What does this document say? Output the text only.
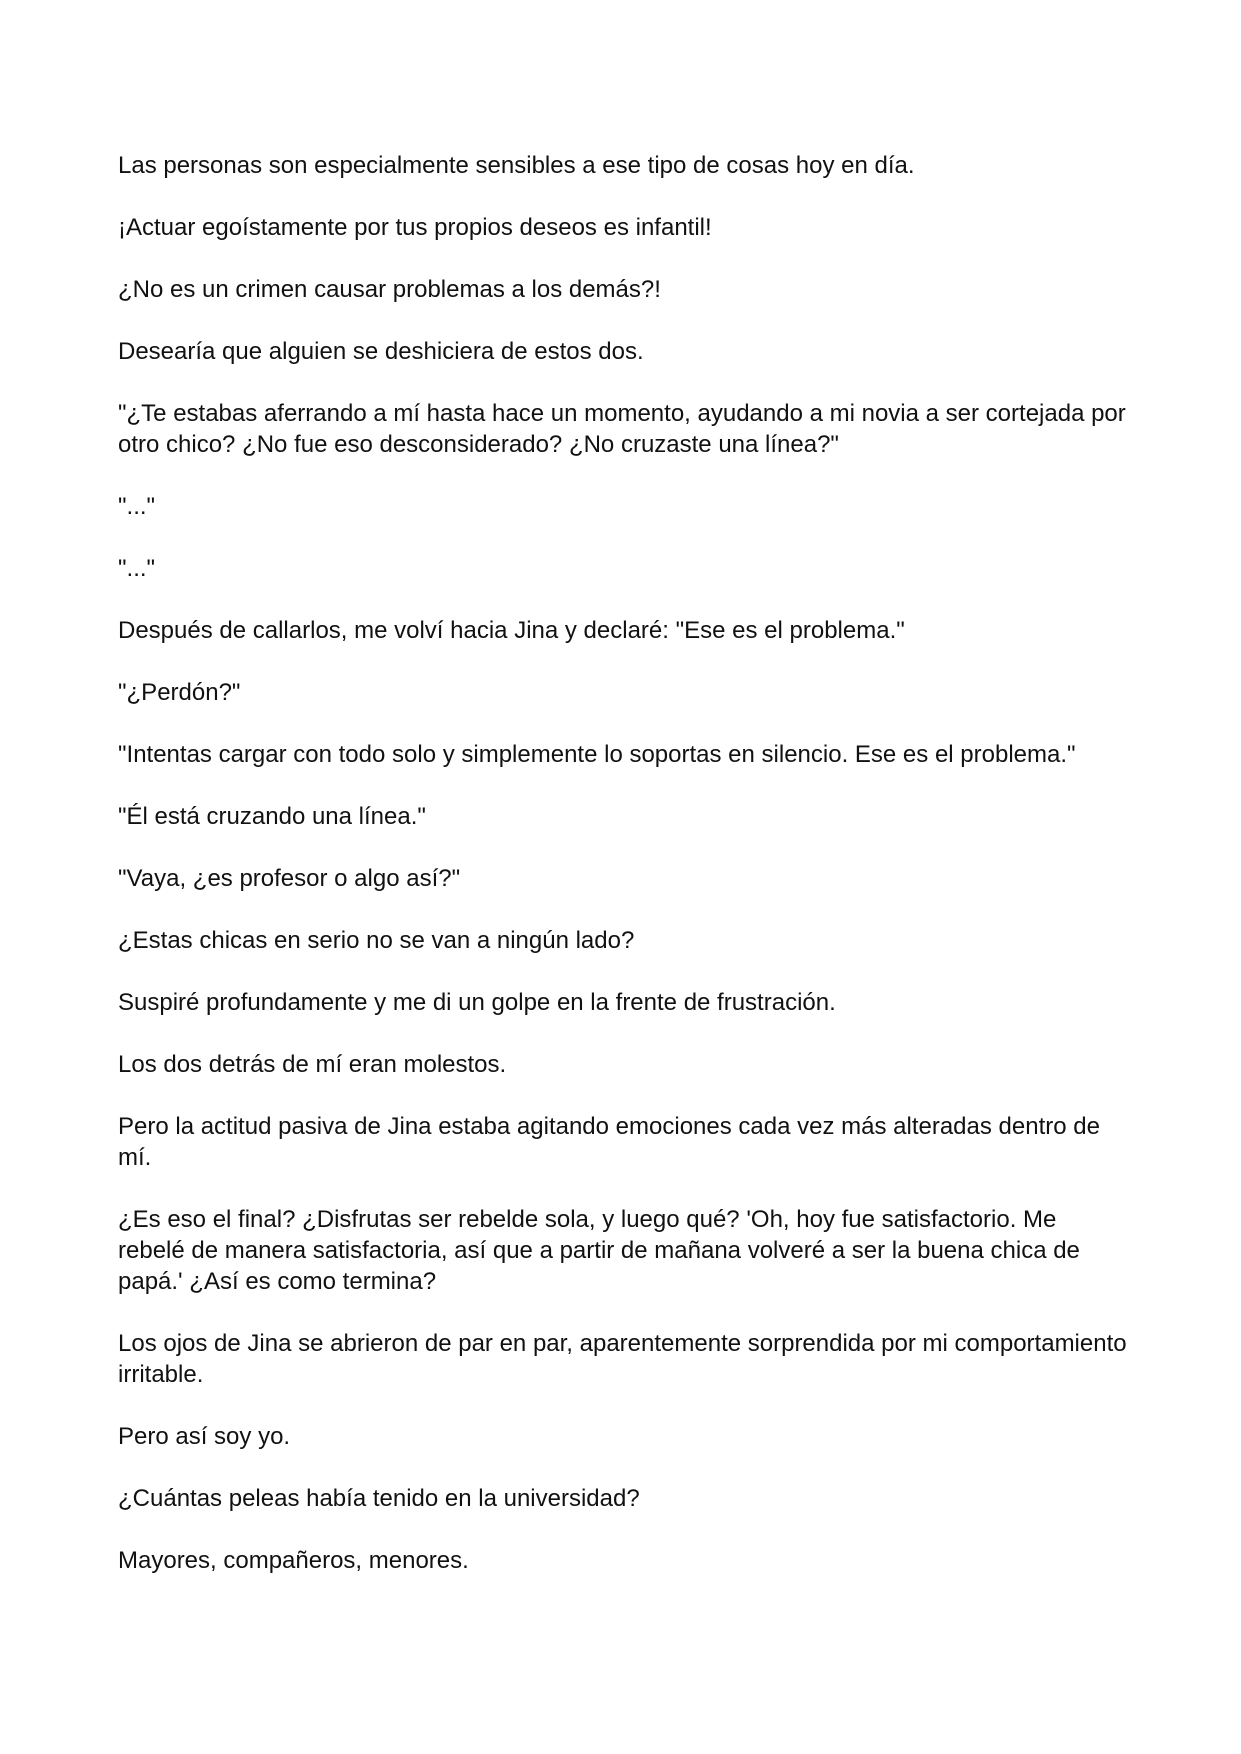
Las personas son especialmente sensibles a ese tipo de cosas hoy en día.

¡Actuar egoístamente por tus propios deseos es infantil!

¿No es un crimen causar problemas a los demás?!

Desearía que alguien se deshiciera de estos dos.

"¿Te estabas aferrando a mí hasta hace un momento, ayudando a mi novia a ser cortejada por otro chico? ¿No fue eso desconsiderado? ¿No cruzaste una línea?"

"..."

"..."

Después de callarlos, me volví hacia Jina y declaré: "Ese es el problema."

"¿Perdón?"

"Intentas cargar con todo solo y simplemente lo soportas en silencio. Ese es el problema."

"Él está cruzando una línea."

"Vaya, ¿es profesor o algo así?"

¿Estas chicas en serio no se van a ningún lado?

Suspiré profundamente y me di un golpe en la frente de frustración.

Los dos detrás de mí eran molestos.

Pero la actitud pasiva de Jina estaba agitando emociones cada vez más alteradas dentro de mí.

¿Es eso el final? ¿Disfrutas ser rebelde sola, y luego qué? 'Oh, hoy fue satisfactorio. Me rebelé de manera satisfactoria, así que a partir de mañana volveré a ser la buena chica de papá.' ¿Así es como termina?

Los ojos de Jina se abrieron de par en par, aparentemente sorprendida por mi comportamiento irritable.

Pero así soy yo.

¿Cuántas peleas había tenido en la universidad?

Mayores, compañeros, menores.
